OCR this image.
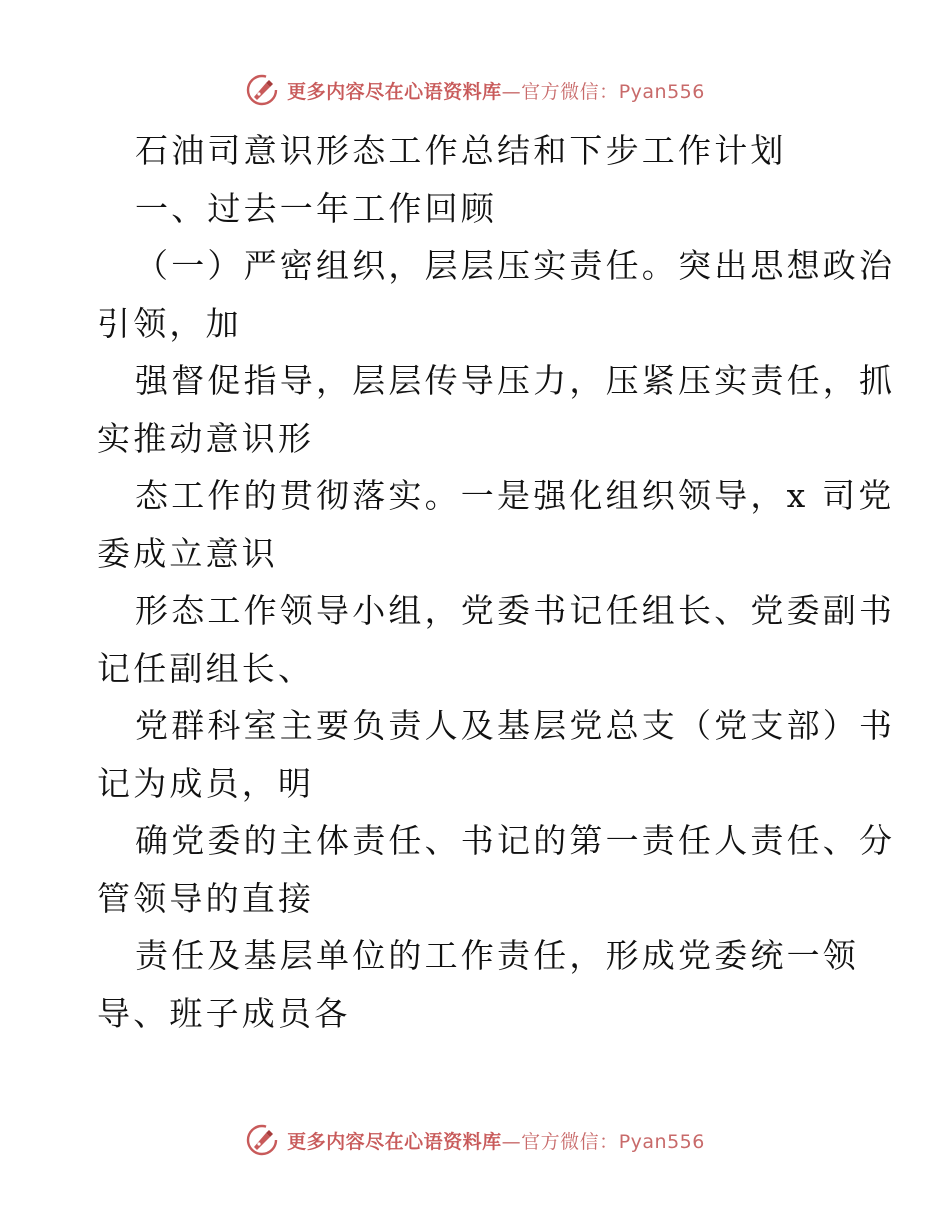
更多内容尽在心语资料库—官方微信：Pyan556
石油司意识形态工作总结和下步工作计划
一、过去一年工作回顾
（一）严密组织，层层压实责任。突出思想政治
引领，加
强督促指导，层层传导压力，压紧压实责任，抓
实推动意识形
态工作的贯彻落实。一是强化组织领导，x 司党
委成立意识
形态工作领导小组，党委书记任组长、党委副书
记任副组长、
党群科室主要负责人及基层党总支（党支部）书
记为成员，明
确党委的主体责任、书记的第一责任人责任、分
管领导的直接
责任及基层单位的工作责任，形成党委统一领
导、班子成员各
更多内容尽在心语资料库—官方微信：Pyan556
